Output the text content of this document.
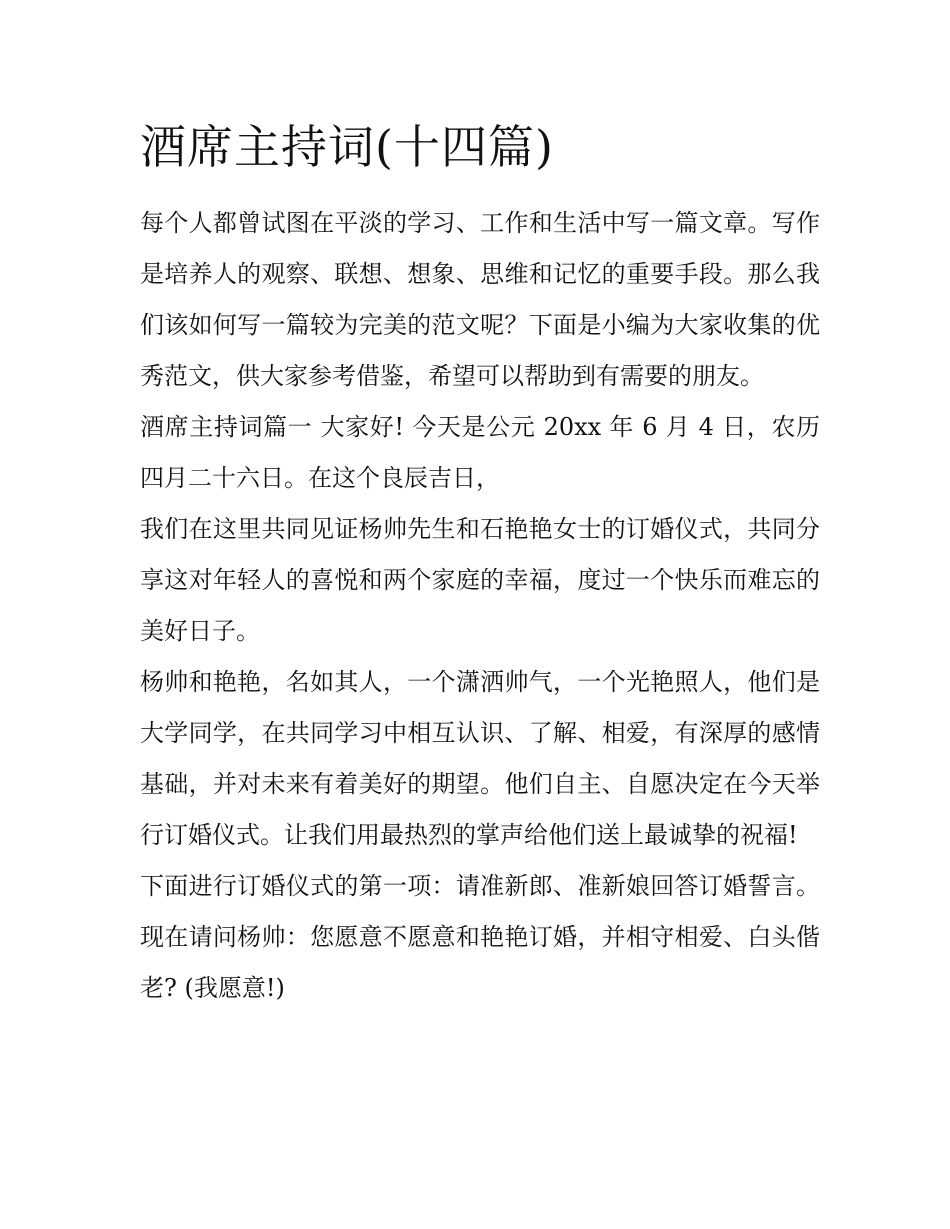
酒席主持词(十四篇)

每个人都曾试图在平淡的学习、工作和生活中写一篇文章。写作是培养人的观察、联想、想象、思维和记忆的重要手段。那么我们该如何写一篇较为完美的范文呢？下面是小编为大家收集的优秀范文，供大家参考借鉴，希望可以帮助到有需要的朋友。

酒席主持词篇一 大家好! 今天是公元 20xx 年 6 月 4 日，农历四月二十六日。在这个良辰吉日，

我们在这里共同见证杨帅先生和石艳艳女士的订婚仪式，共同分享这对年轻人的喜悦和两个家庭的幸福，度过一个快乐而难忘的美好日子。

杨帅和艳艳，名如其人，一个潇洒帅气，一个光艳照人，他们是大学同学，在共同学习中相互认识、了解、相爱，有深厚的感情基础，并对未来有着美好的期望。他们自主、自愿决定在今天举行订婚仪式。让我们用最热烈的掌声给他们送上最诚挚的祝福!

下面进行订婚仪式的第一项：请准新郎、准新娘回答订婚誓言。 现在请问杨帅：您愿意不愿意和艳艳订婚，并相守相爱、白头偕老? (我愿意!)
